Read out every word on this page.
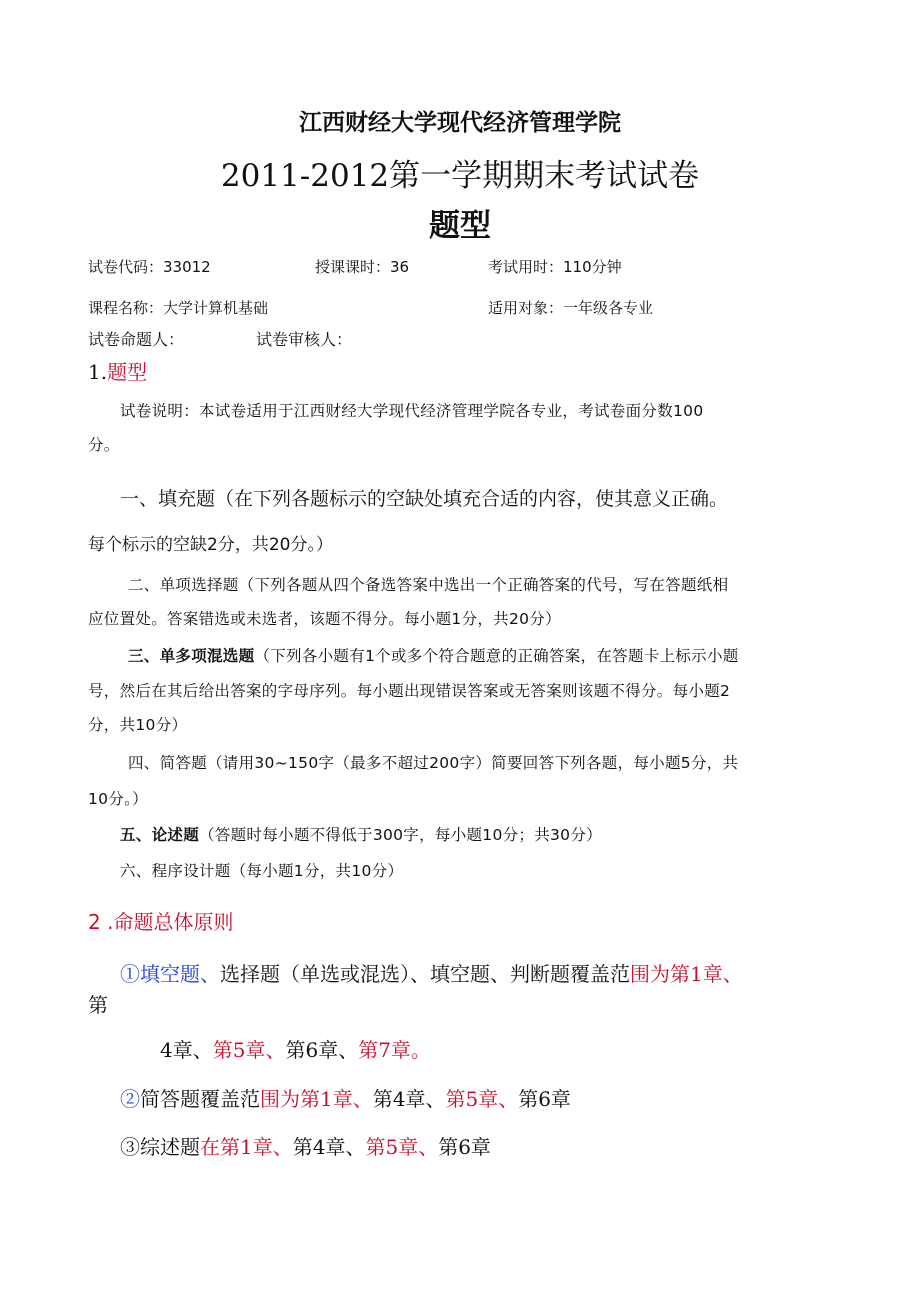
江西财经大学现代经济管理学院
2011-2012第一学期期末考试试卷
题型
试卷代码：33012	授课课时：36	考试用时：110分钟
课程名称：大学计算机基础	适用对象：一年级各专业
试卷命题人：	试卷审核人：
1.题型
试卷说明：本试卷适用于江西财经大学现代经济管理学院各专业，考试卷面分数100
分。
一、填充题（在下列各题标示的空缺处填充合适的内容，使其意义正确。
每个标示的空缺2分，共20分。）
二、单项选择题（下列各题从四个备选答案中选出一个正确答案的代号，写在答题纸相
应位置处。答案错选或未选者，该题不得分。每小题1分，共20分）
三、单多项混选题（下列各小题有1个或多个符合题意的正确答案，在答题卡上标示小题
号，然后在其后给出答案的字母序列。每小题出现错误答案或无答案则该题不得分。每小题2
分，共10分）
四、简答题（请用30~150字（最多不超过200字）简要回答下列各题，每小题5分，共
10分。）
五、论述题（答题时每小题不得低于300字，每小题10分；共30分）
六、程序设计题（每小题1分，共10分）
2 .命题总体原则
①填空题、选择题（单选或混选）、填空题、判断题覆盖范围为第1章、
第
4章、第5章、第6章、第7章。
②简答题覆盖范围为第1章、第4章、第5章、第6章
③综述题在第1章、第4章、第5章、第6章
